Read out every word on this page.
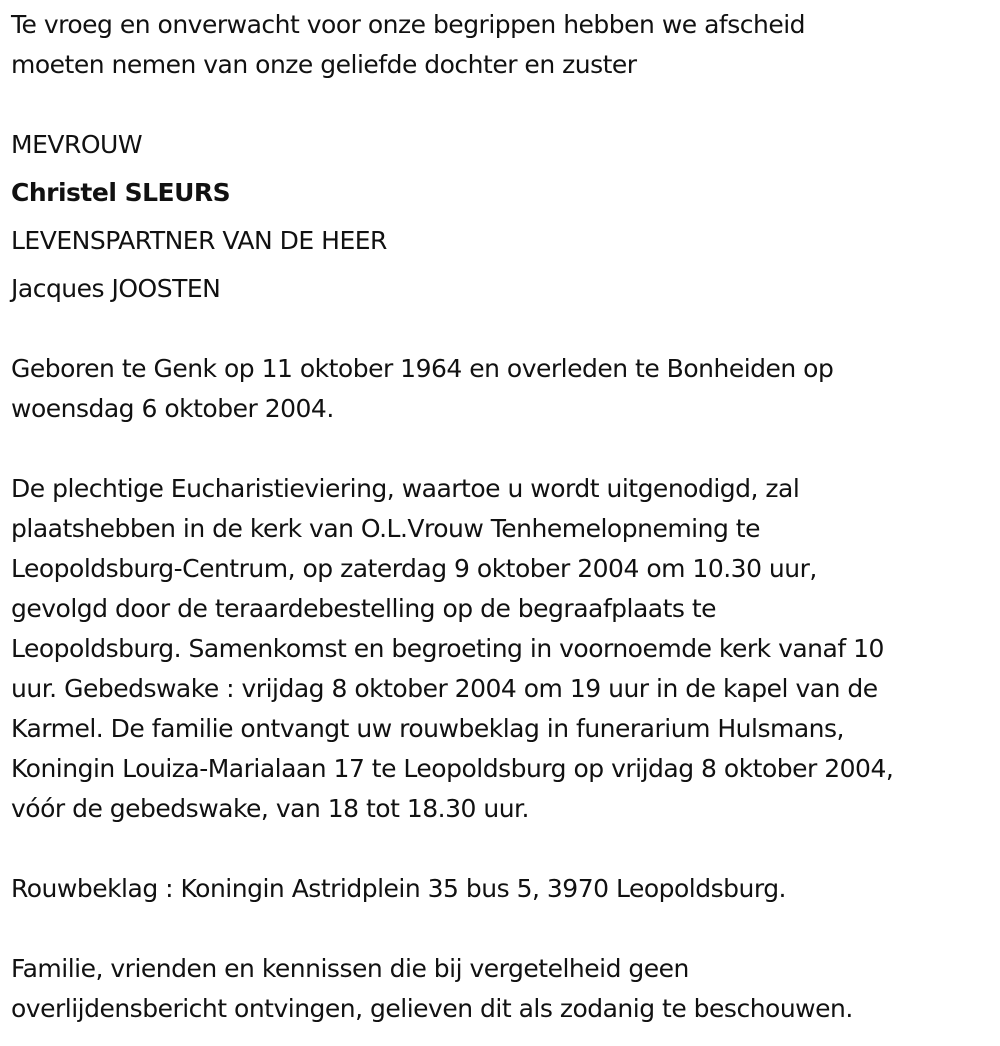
Te vroeg en onverwacht voor onze begrippen hebben we afscheid
moeten nemen van onze geliefde dochter en zuster
MEVROUW
Christel SLEURS
LEVENSPARTNER VAN DE HEER
Jacques JOOSTEN
Geboren te Genk op 11 oktober 1964 en overleden te Bonheiden op
woensdag 6 oktober 2004.
De plechtige Eucharistieviering, waartoe u wordt uitgenodigd, zal
plaatshebben in de kerk van O.L.Vrouw Tenhemelopneming te
Leopoldsburg-Centrum, op zaterdag 9 oktober 2004 om 10.30 uur,
gevolgd door de teraardebestelling op de begraafplaats te
Leopoldsburg. Samenkomst en begroeting in voornoemde kerk vanaf 10
uur. Gebedswake : vrijdag 8 oktober 2004 om 19 uur in de kapel van de
Karmel. De familie ontvangt uw rouwbeklag in funerarium Hulsmans,
Koningin Louiza-Marialaan 17 te Leopoldsburg op vrijdag 8 oktober 2004,
vóór de gebedswake, van 18 tot 18.30 uur.
Rouwbeklag : Koningin Astridplein 35 bus 5, 3970 Leopoldsburg.
Familie, vrienden en kennissen die bij vergetelheid geen
overlijdensbericht ontvingen, gelieven dit als zodanig te beschouwen.
